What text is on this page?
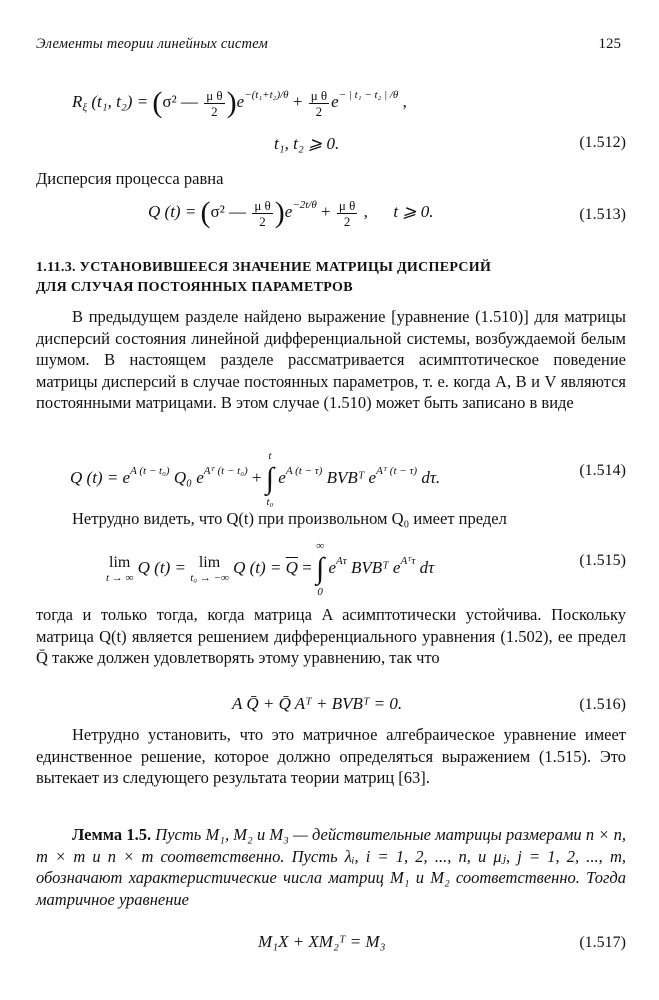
Элементы теории линейных систем	125
$R_\xi$ (t₁, t₂) = (σ² — $\frac{\text{μ θ}}{2} )e^{-(t_1+t_2)/\theta} + \frac{\text{μ θ}}{2} e^{- | t_1 - t_2 | /\theta}$ ,
t₁, t₂ ⩾ 0.	(1.512)
Дисперсия процесса равна
Q (t) = (σ² — $\frac{\text{μ θ}}{2} )e^{-2t/\theta} + \frac{\text{μ θ}}{2}$ ,      t ⩾ 0.	(1.513)
1.11.3. УСТАНОВИВШЕЕСЯ ЗНАЧЕНИЕ МАТРИЦЫ ДИСПЕРСИЙ
ДЛЯ СЛУЧАЯ ПОСТОЯННЫХ ПАРАМЕТРОВ
В предыдущем разделе найдено выражение [уравнение (1.510)] для матрицы дисперсий состояния линейной дифференциальной системы, возбуждаемой белым шумом. В настоящем разделе рассматривается асимптотическое поведение матрицы дисперсий в случае постоянных параметров, т. е. когда A, B и V являются постоянными матрицами. В этом случае (1.510) может быть записано в виде
Q $(t) = e^{A (t - t_0)}$ Q₀ $e^{Aᵀ (t - t_0)}$ +
t
∫
t₀
$e^{A (t - \tau)}$ BVBᵀ $e^{Aᵀ (t - \tau)}$ dτ.	(1.514)
Нетрудно видеть, что Q(t) при произвольном Q₀ имеет предел
lim
t → ∞
Q (t) = lim
t₀ → −∞
Q $(t) = \overline{Q}$ =
∞
∫
0
$e^{A\tau}$ BVBᵀ $e^{Aᵀ\tau}$ dτ	(1.515)
тогда и только тогда, когда матрица A асимптотически устойчива. Поскольку матрица Q(t) является решением дифференциального уравнения (1.502), ее предел Q̄ также должен удовлетворять этому уравнению, так что
A Q̄ + Q̄ Aᵀ + BVBᵀ = 0.	(1.516)
Нетрудно установить, что это матричное алгебраическое уравнение имеет единственное решение, которое должно определяться выражением (1.515). Это вытекает из следующего результата теории матриц [63].
Лемма 1.5. Пусть M₁, M₂ и M₃ — действительные матрицы размерами n × n, m × m и n × m соответственно. Пусть λᵢ, i = 1, 2, ..., n, и μⱼ, j = 1, 2, ..., m, обозначают характеристические числа матриц M₁ и M₂ соответственно. Тогда матричное уравнение
M₁X + XM₂ᵀ = M₃	(1.517)
